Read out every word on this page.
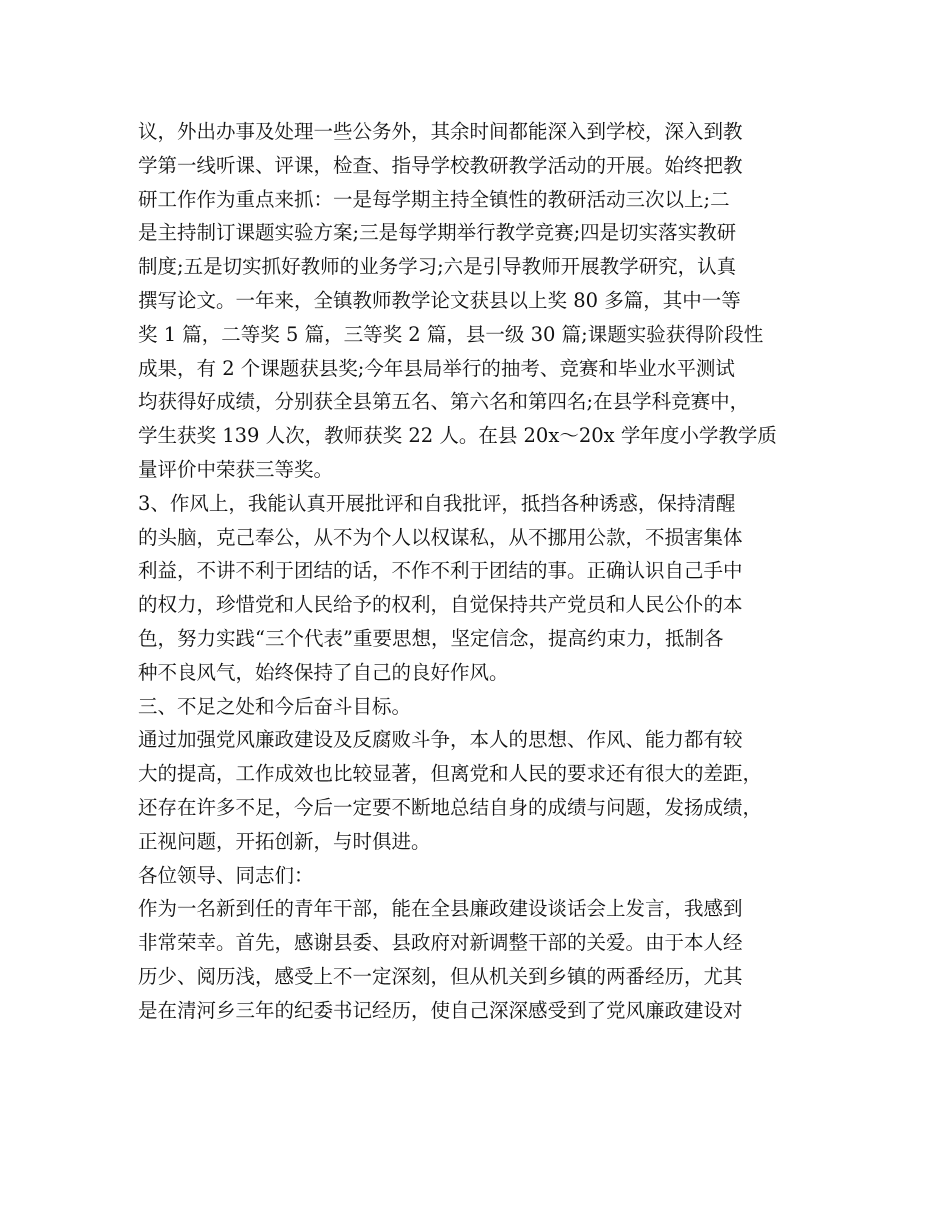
议，外出办事及处理一些公务外，其余时间都能深入到学校，深入到教
学第一线听课、评课，检查、指导学校教研教学活动的开展。始终把教
研工作作为重点来抓：一是每学期主持全镇性的教研活动三次以上;二
是主持制订课题实验方案;三是每学期举行教学竞赛;四是切实落实教研
制度;五是切实抓好教师的业务学习;六是引导教师开展教学研究，认真
撰写论文。一年来，全镇教师教学论文获县以上奖 80 多篇，其中一等
奖 1 篇，二等奖 5 篇，三等奖 2 篇，县一级 30 篇;课题实验获得阶段性
成果，有 2 个课题获县奖;今年县局举行的抽考、竞赛和毕业水平测试
均获得好成绩，分别获全县第五名、第六名和第四名;在县学科竞赛中，
学生获奖 139 人次，教师获奖 22 人。在县 20x～20x 学年度小学教学质
量评价中荣获三等奖。
3、作风上，我能认真开展批评和自我批评，抵挡各种诱惑，保持清醒
的头脑，克己奉公，从不为个人以权谋私，从不挪用公款，不损害集体
利益，不讲不利于团结的话，不作不利于团结的事。正确认识自己手中
的权力，珍惜党和人民给予的权利，自觉保持共产党员和人民公仆的本
色，努力实践“三个代表”重要思想，坚定信念，提高约束力，抵制各
种不良风气，始终保持了自己的良好作风。
三、不足之处和今后奋斗目标。
通过加强党风廉政建设及反腐败斗争，本人的思想、作风、能力都有较
大的提高，工作成效也比较显著，但离党和人民的要求还有很大的差距，
还存在许多不足，今后一定要不断地总结自身的成绩与问题，发扬成绩，
正视问题，开拓创新，与时俱进。
各位领导、同志们：
作为一名新到任的青年干部，能在全县廉政建设谈话会上发言，我感到
非常荣幸。首先，感谢县委、县政府对新调整干部的关爱。由于本人经
历少、阅历浅，感受上不一定深刻，但从机关到乡镇的两番经历，尤其
是在清河乡三年的纪委书记经历，使自己深深感受到了党风廉政建设对
